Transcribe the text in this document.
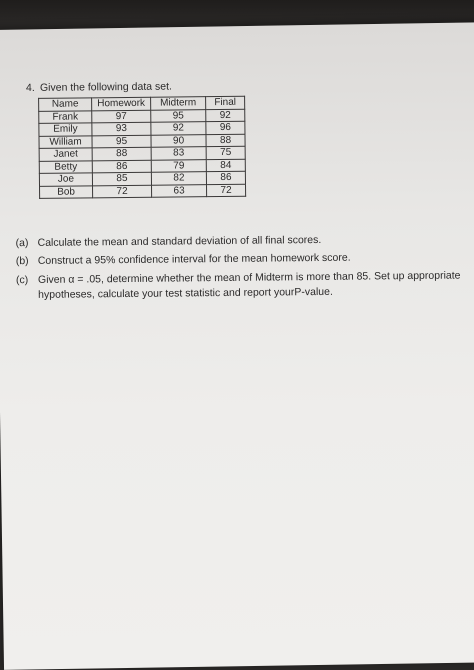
4. Given the following data set.
Name	Homework	Midterm	Final
Frank	97	95	92
Emily	93	92	96
William	95	90	88
Janet	88	83	75
Betty	86	79	84
Joe	85	82	86
Bob	72	63	72
(a) Calculate the mean and standard deviation of all final scores.
(b) Construct a 95% confidence interval for the mean homework score.
(c) Given α = .05, determine whether the mean of Midterm is more than 85. Set up appropriate
hypotheses, calculate your test statistic and report yourP-value.
